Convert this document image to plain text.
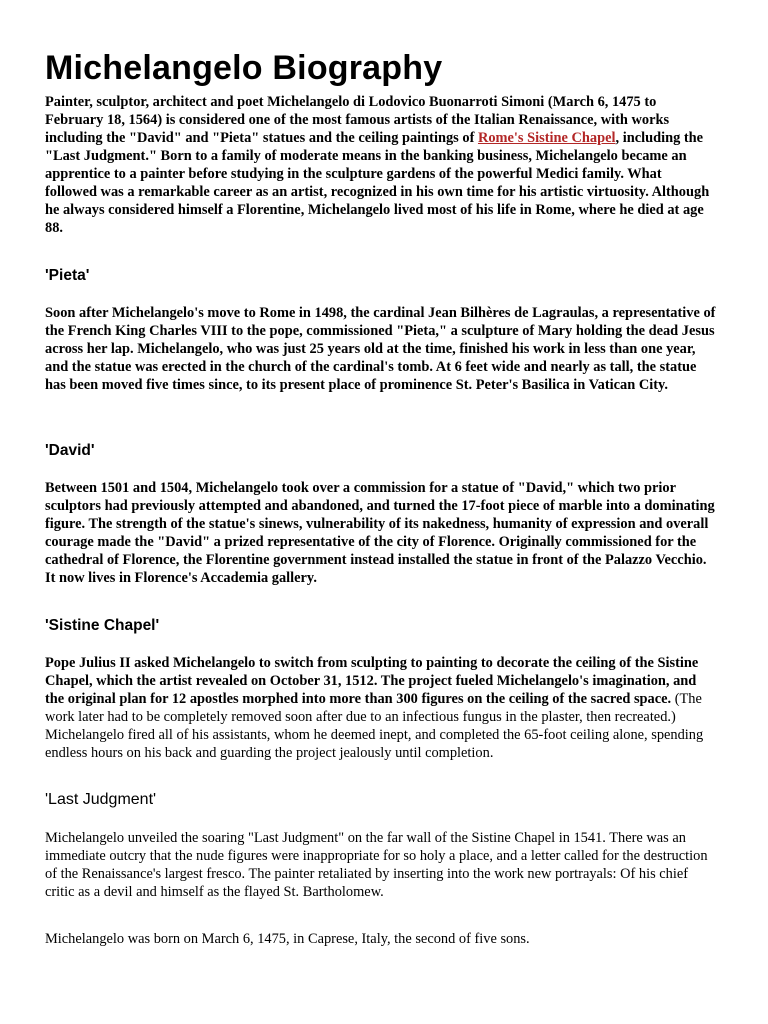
Michelangelo Biography

Painter, sculptor, architect and poet Michelangelo di Lodovico Buonarroti Simoni (March 6, 1475 to February 18, 1564) is considered one of the most famous artists of the Italian Renaissance, with works including the "David" and "Pieta" statues and the ceiling paintings of Rome's Sistine Chapel, including the "Last Judgment." Born to a family of moderate means in the banking business, Michelangelo became an apprentice to a painter before studying in the sculpture gardens of the powerful Medici family. What followed was a remarkable career as an artist, recognized in his own time for his artistic virtuosity. Although he always considered himself a Florentine, Michelangelo lived most of his life in Rome, where he died at age 88.

'Pieta'

Soon after Michelangelo's move to Rome in 1498, the cardinal Jean Bilhères de Lagraulas, a representative of the French King Charles VIII to the pope, commissioned "Pieta," a sculpture of Mary holding the dead Jesus across her lap. Michelangelo, who was just 25 years old at the time, finished his work in less than one year, and the statue was erected in the church of the cardinal's tomb. At 6 feet wide and nearly as tall, the statue has been moved five times since, to its present place of prominence St. Peter's Basilica in Vatican City.

'David'

Between 1501 and 1504, Michelangelo took over a commission for a statue of "David," which two prior sculptors had previously attempted and abandoned, and turned the 17-foot piece of marble into a dominating figure. The strength of the statue's sinews, vulnerability of its nakedness, humanity of expression and overall courage made the "David" a prized representative of the city of Florence. Originally commissioned for the cathedral of Florence, the Florentine government instead installed the statue in front of the Palazzo Vecchio. It now lives in Florence's Accademia gallery.

'Sistine Chapel'

Pope Julius II asked Michelangelo to switch from sculpting to painting to decorate the ceiling of the Sistine Chapel, which the artist revealed on October 31, 1512. The project fueled Michelangelo's imagination, and the original plan for 12 apostles morphed into more than 300 figures on the ceiling of the sacred space. (The work later had to be completely removed soon after due to an infectious fungus in the plaster, then recreated.) Michelangelo fired all of his assistants, whom he deemed inept, and completed the 65-foot ceiling alone, spending endless hours on his back and guarding the project jealously until completion.

'Last Judgment'

Michelangelo unveiled the soaring "Last Judgment" on the far wall of the Sistine Chapel in 1541. There was an immediate outcry that the nude figures were inappropriate for so holy a place, and a letter called for the destruction of the Renaissance's largest fresco. The painter retaliated by inserting into the work new portrayals: Of his chief critic as a devil and himself as the flayed St. Bartholomew.

Michelangelo was born on March 6, 1475, in Caprese, Italy, the second of five sons.
